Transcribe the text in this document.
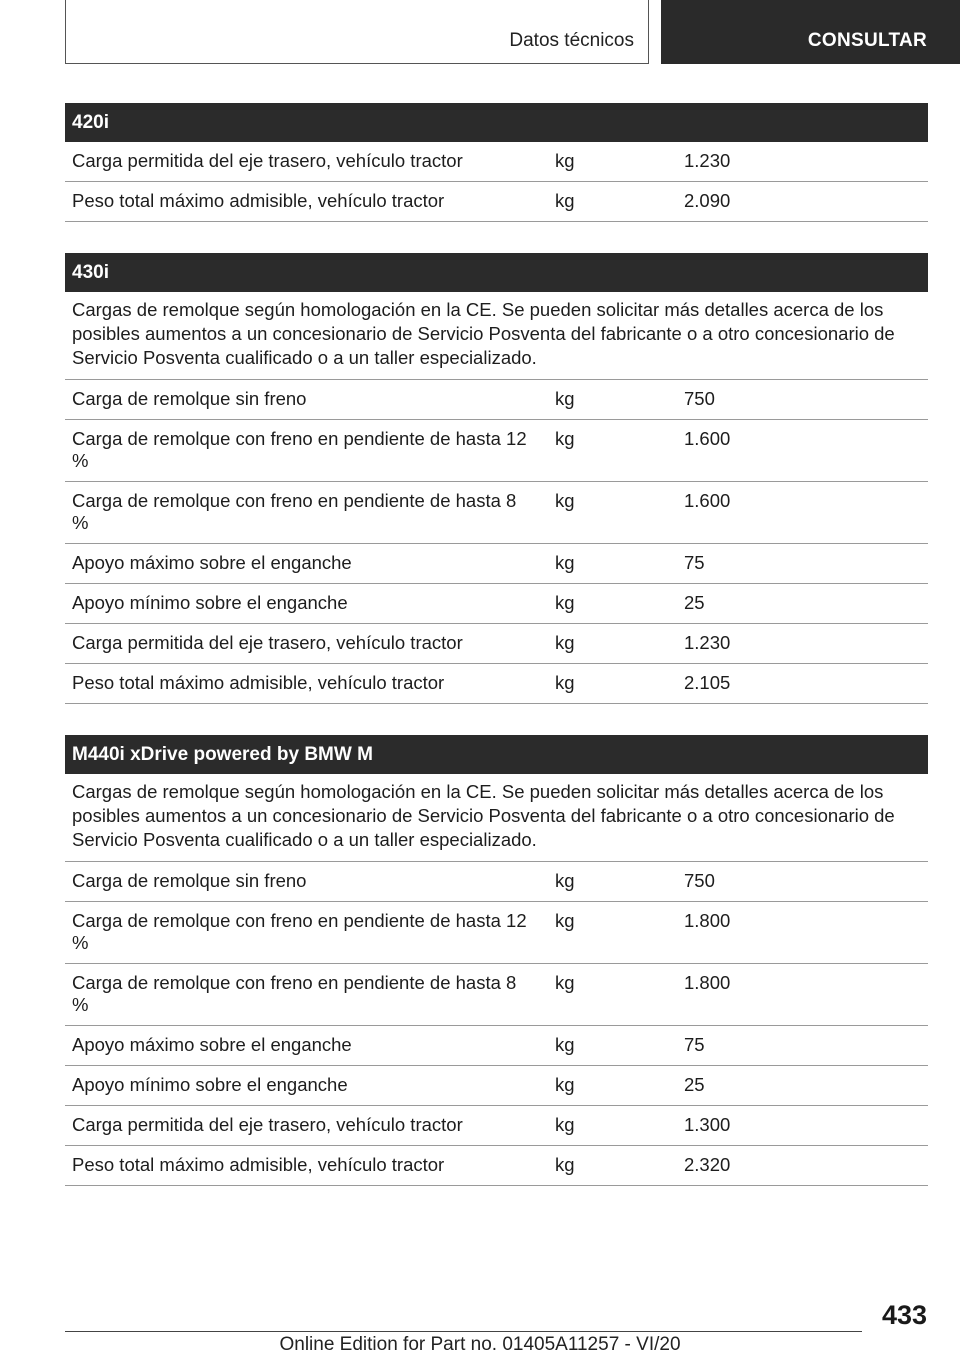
Datos técnicos	CONSULTAR
420i
Carga permitida del eje trasero, vehículo tractor	kg	1.230
Peso total máximo admisible, vehículo tractor	kg	2.090
430i
Cargas de remolque según homologación en la CE. Se pueden solicitar más detalles acerca de los posibles aumentos a un concesionario de Servicio Posventa del fabricante o a otro concesionario de Servicio Posventa cualificado o a un taller especializado.
Carga de remolque sin freno	kg	750
Carga de remolque con freno en pendiente de hasta 12 %	kg	1.600
Carga de remolque con freno en pendiente de hasta 8 %	kg	1.600
Apoyo máximo sobre el enganche	kg	75
Apoyo mínimo sobre el enganche	kg	25
Carga permitida del eje trasero, vehículo tractor	kg	1.230
Peso total máximo admisible, vehículo tractor	kg	2.105
M440i xDrive powered by BMW M
Cargas de remolque según homologación en la CE. Se pueden solicitar más detalles acerca de los posibles aumentos a un concesionario de Servicio Posventa del fabricante o a otro concesionario de Servicio Posventa cualificado o a un taller especializado.
Carga de remolque sin freno	kg	750
Carga de remolque con freno en pendiente de hasta 12 %	kg	1.800
Carga de remolque con freno en pendiente de hasta 8 %	kg	1.800
Apoyo máximo sobre el enganche	kg	75
Apoyo mínimo sobre el enganche	kg	25
Carga permitida del eje trasero, vehículo tractor	kg	1.300
Peso total máximo admisible, vehículo tractor	kg	2.320
433
Online Edition for Part no. 01405A11257 - VI/20
